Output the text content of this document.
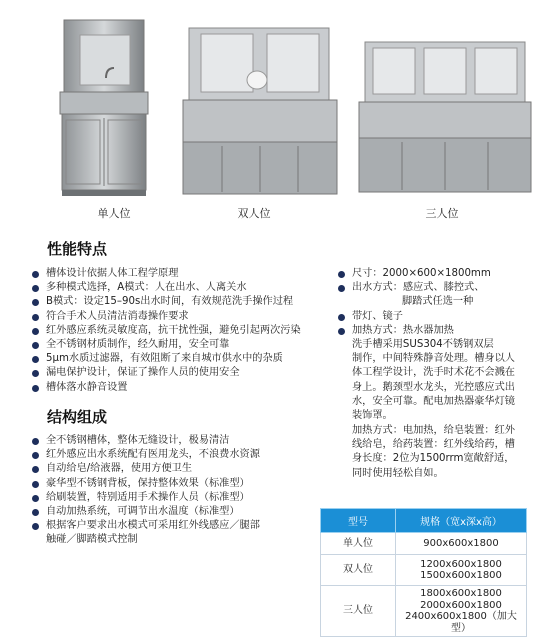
单人位	双人位	三人位
性能特点
槽体设计依据人体工程学原理
多种模式选择，A模式：人在出水、人离关水
B模式：设定15–90s出水时间，有效规范洗手操作过程
符合手术人员清洁消毒操作要求
红外感应系统灵敏度高，抗干扰性强，避免引起两次污染
全不锈钢材质制作，经久耐用，安全可靠
5μm水质过滤器，有效阻断了来自城市供水中的杂质
漏电保护设计，保证了操作人员的使用安全
槽体落水静音设置
尺寸：2000×600×1800mm
出水方式：感应式、膝控式、
脚踏式任选一种
带灯、镜子
加热方式：热水器加热
洗手槽采用SUS304不锈钢双层
制作，中间特殊静音处理。槽身以人
体工程学设计，洗手时术花不会溅在
身上。鹅颈型水龙头，光控感应式出
水，安全可靠。配电加热器豪华灯镜
装饰罩。
加热方式：电加热，给皂装置：红外
线给皂，给药装置：红外线给药，槽
身长度：2位为1500rrm宽敞舒适，
同时使用轻松自如。
结构组成
全不锈钢槽体，整体无缝设计，极易清洁
红外感应出水系统配有医用龙头，不浪费水资源
自动给皂/给液器，使用方便卫生
豪华型不锈钢背板，保持整体效果（标准型）
给刷装置，特别适用手术操作人员（标准型）
自动加热系统，可调节出水温度（标准型）
根据客户要求出水模式可采用红外线感应／腿部
触碰／脚踏模式控制
型号	规格（宽x深x高）
单人位	900x600x1800

双人位	1200x600x1800
1500x600x1800

三人位	1800x600x1800
2000x600x1800
2400x600x1800（加大型）
